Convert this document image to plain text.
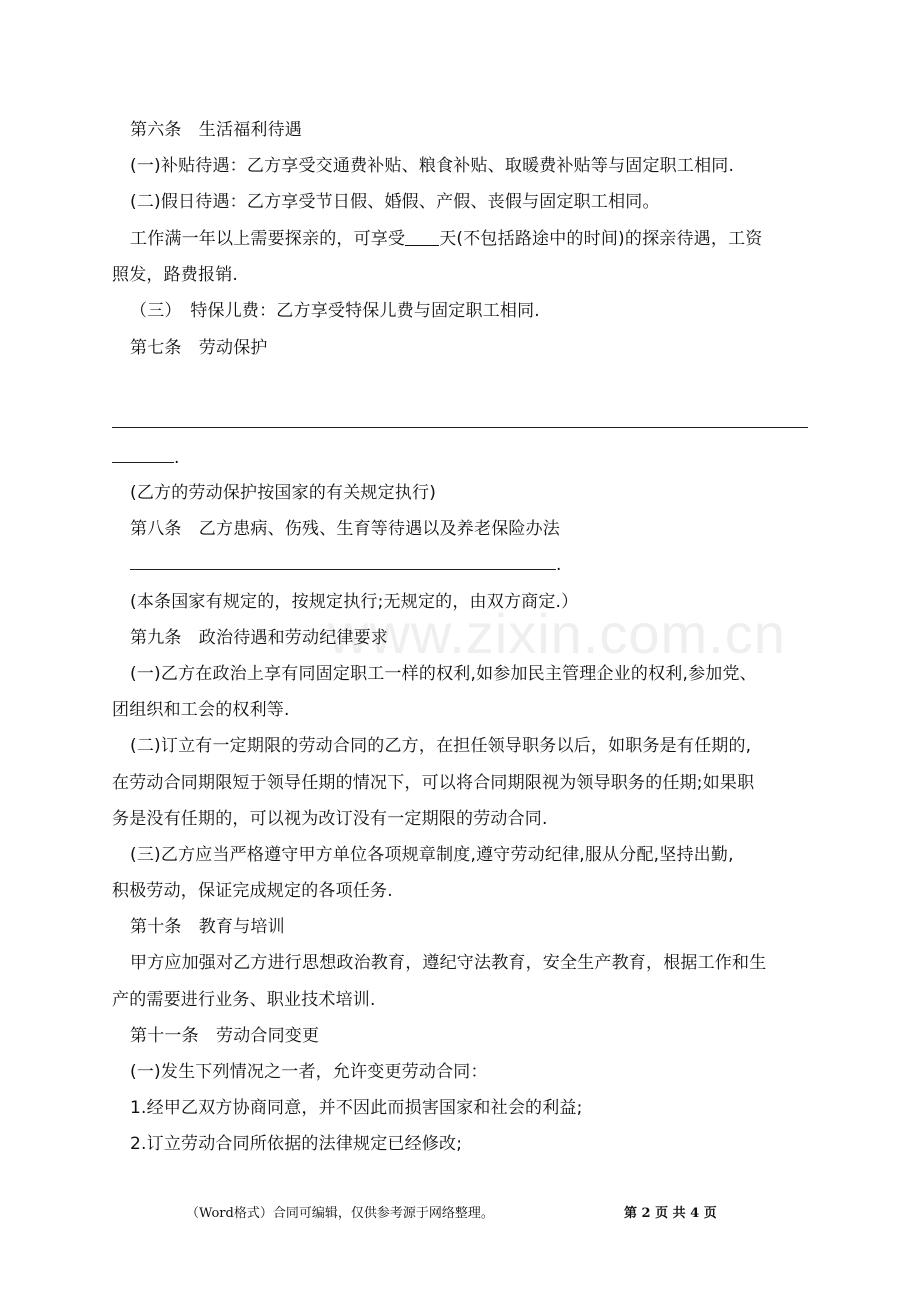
www.zixin.com.cn
第六条　生活福利待遇
(一)补贴待遇：乙方享受交通费补贴、粮食补贴、取暖费补贴等与固定职工相同.
(二)假日待遇：乙方享受节日假、婚假、产假、丧假与固定职工相同。
工作满一年以上需要探亲的，可享受 天(不包括路途中的时间)的探亲待遇，工资
照发，路费报销.
（三）　特保儿费：乙方享受特保儿费与固定职工相同.
第七条　劳动保护
.
(乙方的劳动保护按国家的有关规定执行)
第八条　乙方患病、伤残、生育等待遇以及养老保险办法
.
(本条国家有规定的，按规定执行;无规定的，由双方商定.）
第九条　政治待遇和劳动纪律要求
(一)乙方在政治上享有同固定职工一样的权利,如参加民主管理企业的权利,参加党、
团组织和工会的权利等.
(二)订立有一定期限的劳动合同的乙方，在担任领导职务以后，如职务是有任期的,
在劳动合同期限短于领导任期的情况下，可以将合同期限视为领导职务的任期;如果职
务是没有任期的，可以视为改订没有一定期限的劳动合同.
(三)乙方应当严格遵守甲方单位各项规章制度,遵守劳动纪律,服从分配,坚持出勤,
积极劳动，保证完成规定的各项任务.
第十条　教育与培训
甲方应加强对乙方进行思想政治教育，遵纪守法教育，安全生产教育，根据工作和生
产的需要进行业务、职业技术培训.
第十一条　劳动合同变更
(一)发生下列情况之一者，允许变更劳动合同：
1.经甲乙双方协商同意，并不因此而损害国家和社会的利益;
2.订立劳动合同所依据的法律规定已经修改;
（Word格式）合同可编辑，仅供参考源于网络整理。	第 2 页 共 4 页
